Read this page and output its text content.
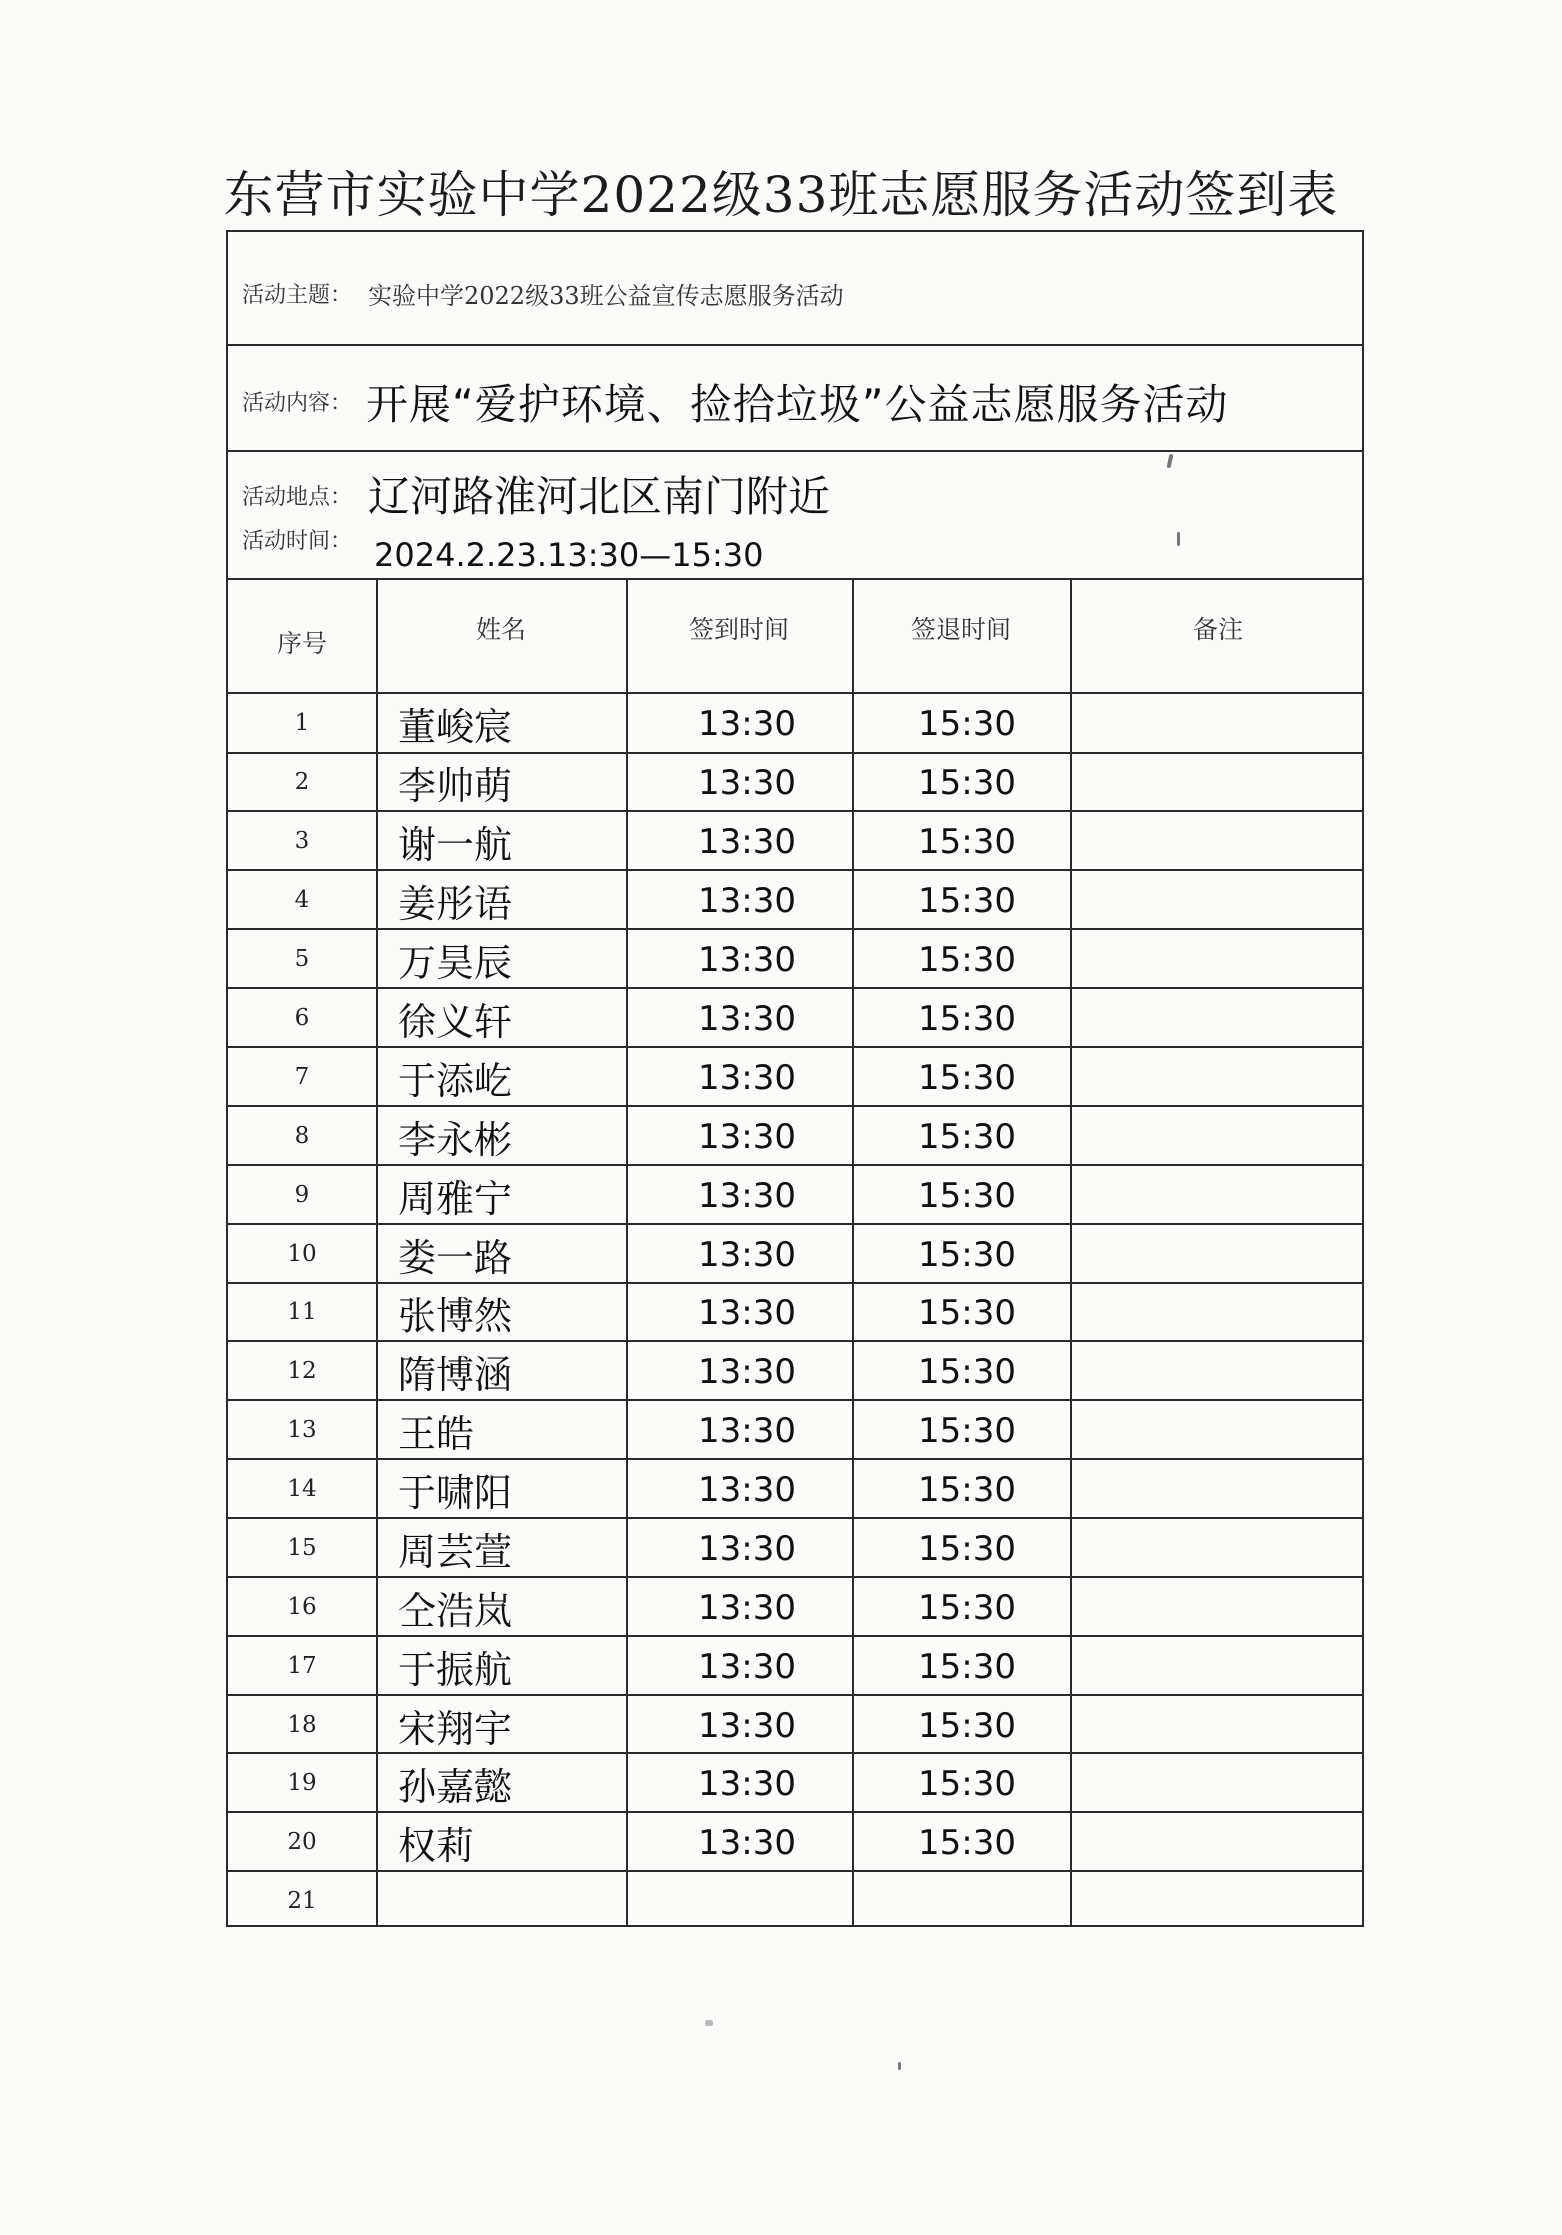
东营市实验中学2022级33班志愿服务活动签到表
活动主题： 实验中学2022级33班公益宣传志愿服务活动
活动内容： 开展“爱护环境、捡拾垃圾”公益志愿服务活动
活动地点： 辽河路淮河北区南门附近
活动时间： 2024.2.23.13:30—15:30
序号	姓名	签到时间	签退时间	备注
1	董峻宸	13:30	15:30
2	李帅萌	13:30	15:30
3	谢一航	13:30	15:30
4	姜彤语	13:30	15:30
5	万昊辰	13:30	15:30
6	徐义轩	13:30	15:30
7	于添屹	13:30	15:30
8	李永彬	13:30	15:30
9	周雅宁	13:30	15:30
10	娄一路	13:30	15:30
11	张博然	13:30	15:30
12	隋博涵	13:30	15:30
13	王皓	13:30	15:30
14	于啸阳	13:30	15:30
15	周芸萱	13:30	15:30
16	仝浩岚	13:30	15:30
17	于振航	13:30	15:30
18	宋翔宇	13:30	15:30
19	孙嘉懿	13:30	15:30
20	权莉	13:30	15:30
21
